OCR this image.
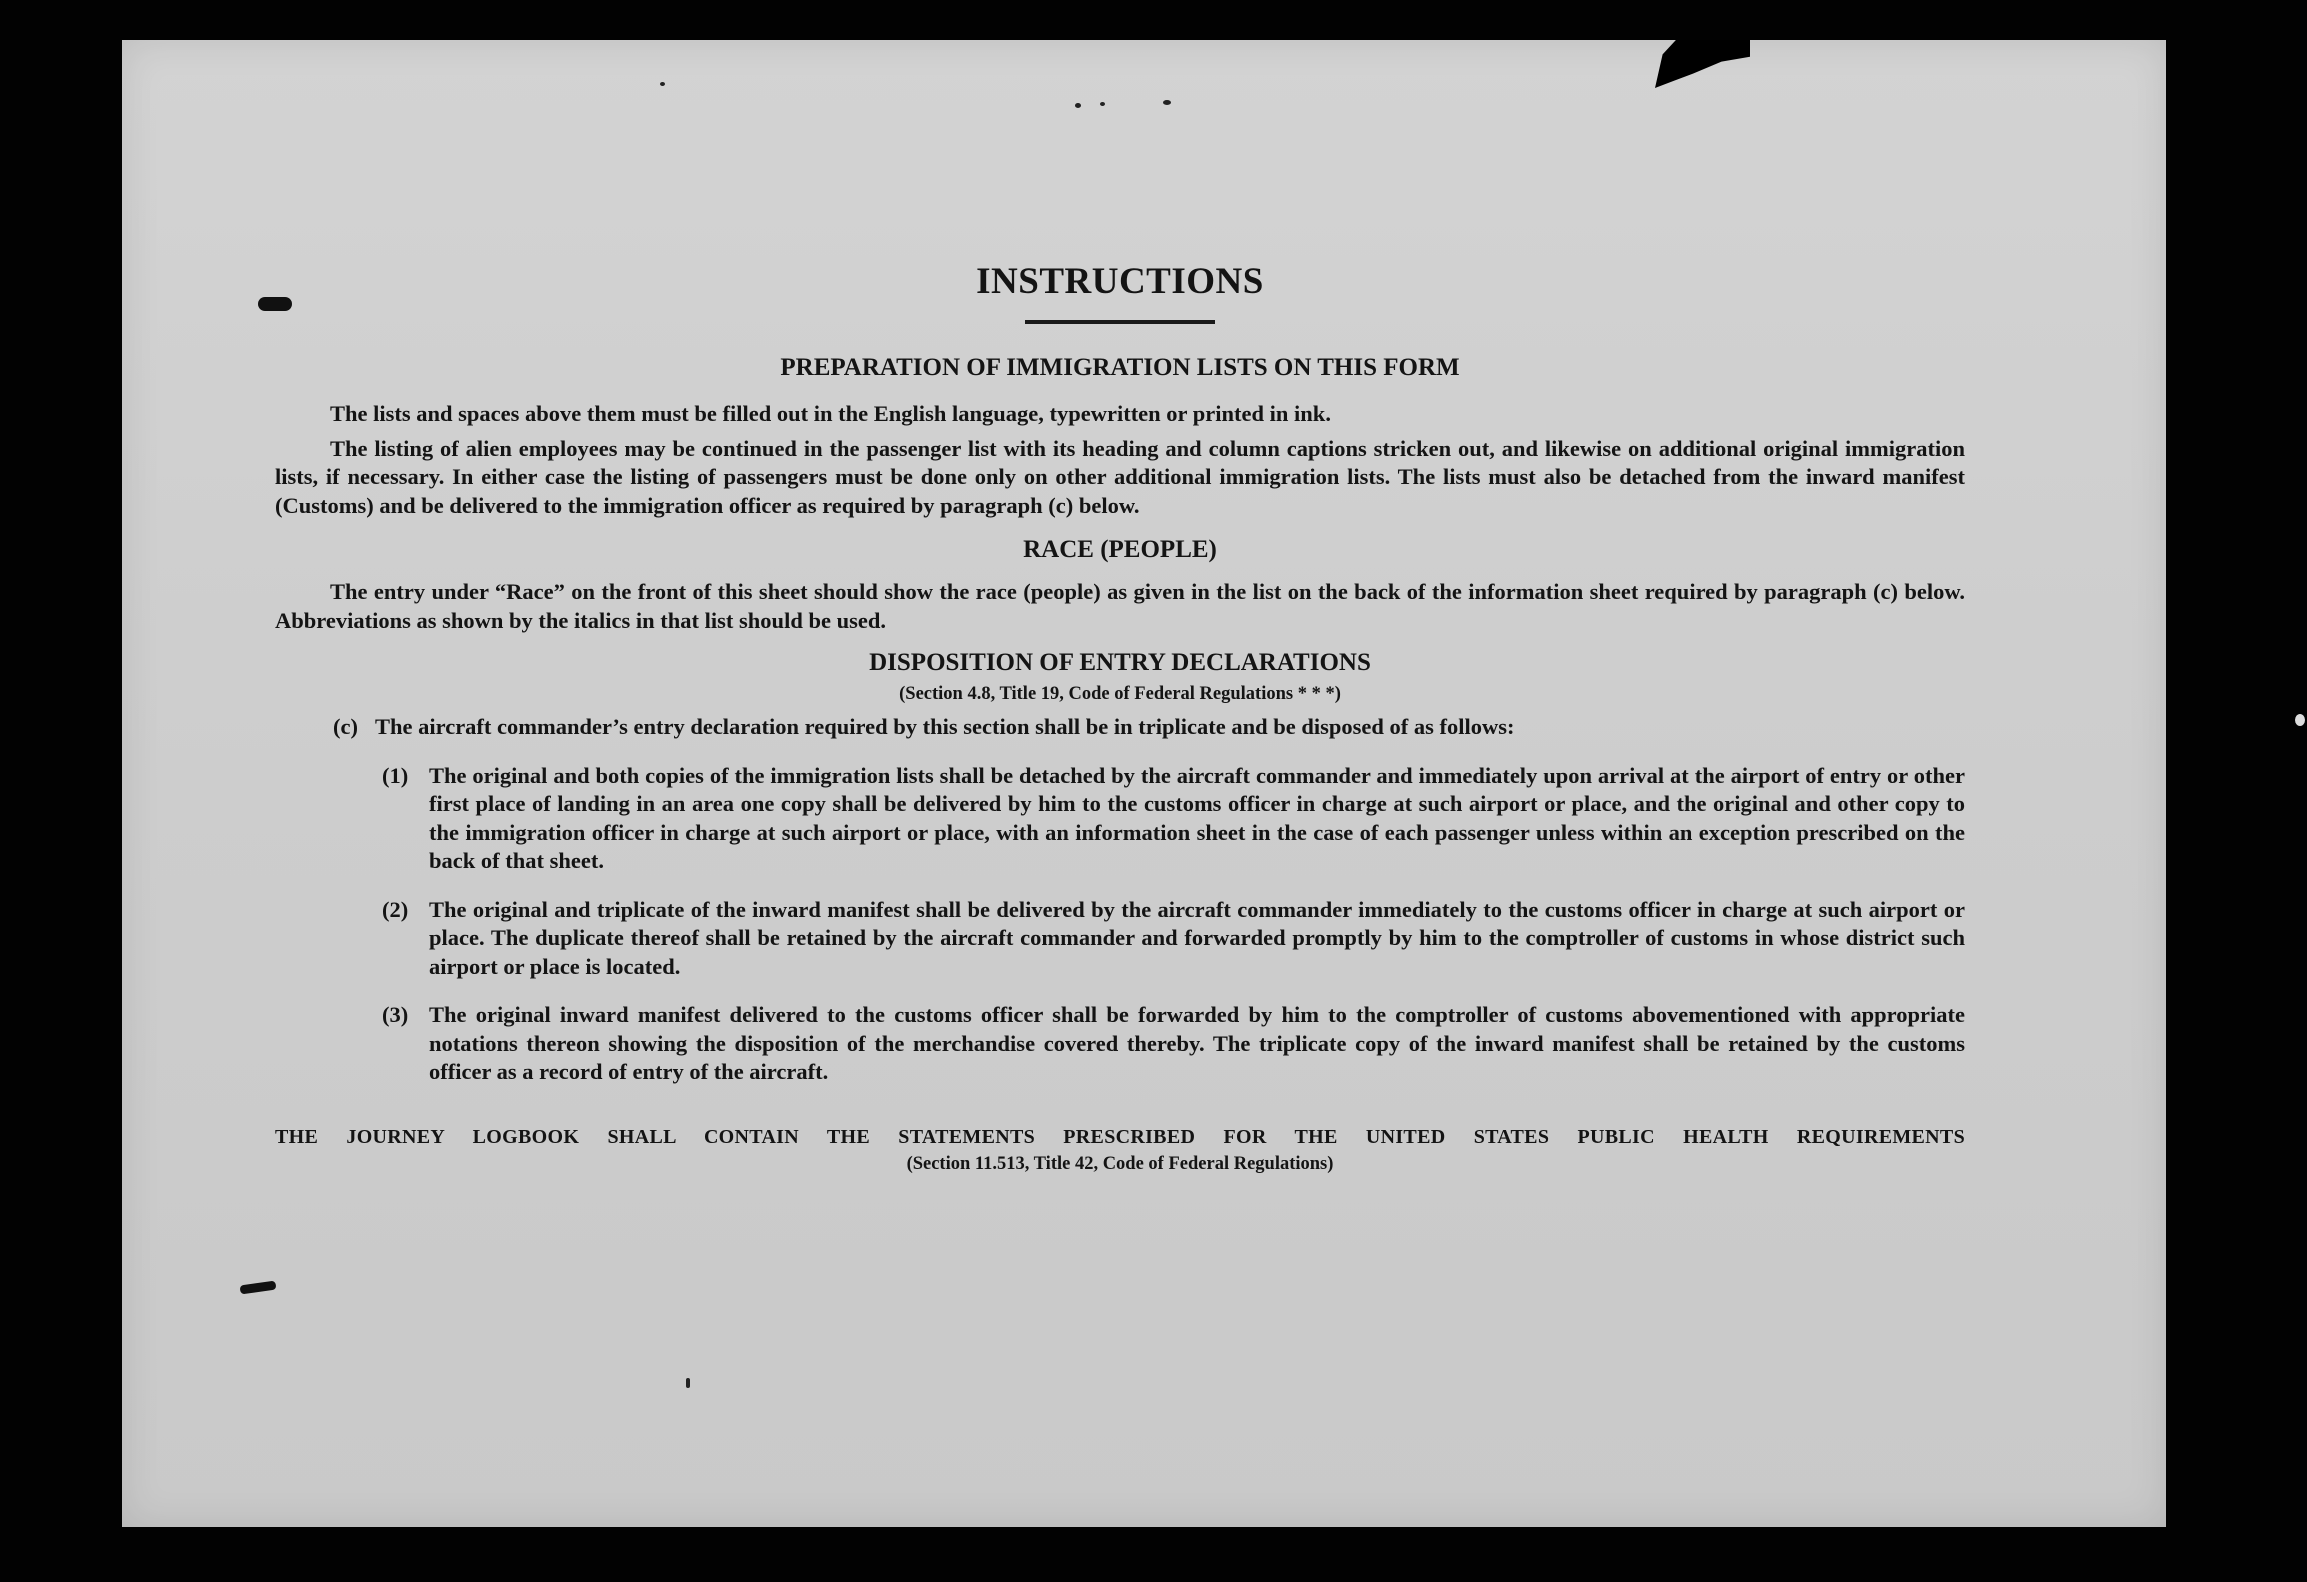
INSTRUCTIONS
PREPARATION OF IMMIGRATION LISTS ON THIS FORM

The lists and spaces above them must be filled out in the English language, typewritten or printed in ink.

The listing of alien employees may be continued in the passenger list with its heading and column captions stricken out, and likewise on additional original immigration lists, if necessary. In either case the listing of passengers must be done only on other additional immigration lists. The lists must also be detached from the inward manifest (Customs) and be delivered to the immigration officer as required by paragraph (c) below.

RACE (PEOPLE)

The entry under “Race” on the front of this sheet should show the race (people) as given in the list on the back of the information sheet required by paragraph (c) below. Abbreviations as shown by the italics in that list should be used.

DISPOSITION OF ENTRY DECLARATIONS

(Section 4.8, Title 19, Code of Federal Regulations * * *)

(c) The aircraft commander’s entry declaration required by this section shall be in triplicate and be disposed of as follows:

(1) The original and both copies of the immigration lists shall be detached by the aircraft commander and immediately upon arrival at the airport of entry or other first place of landing in an area one copy shall be delivered by him to the customs officer in charge at such airport or place, and the original and other copy to the immigration officer in charge at such airport or place, with an information sheet in the case of each passenger unless within an exception prescribed on the back of that sheet.

(2) The original and triplicate of the inward manifest shall be delivered by the aircraft commander immediately to the customs officer in charge at such airport or place. The duplicate thereof shall be retained by the aircraft commander and forwarded promptly by him to the comptroller of customs in whose district such airport or place is located.

(3) The original inward manifest delivered to the customs officer shall be forwarded by him to the comptroller of customs abovementioned with appropriate notations thereon showing the disposition of the merchandise covered thereby. The triplicate copy of the inward manifest shall be retained by the customs officer as a record of entry of the aircraft.

THE JOURNEY LOGBOOK SHALL CONTAIN THE STATEMENTS PRESCRIBED FOR THE UNITED STATES PUBLIC HEALTH REQUIREMENTS

(Section 11.513, Title 42, Code of Federal Regulations)
